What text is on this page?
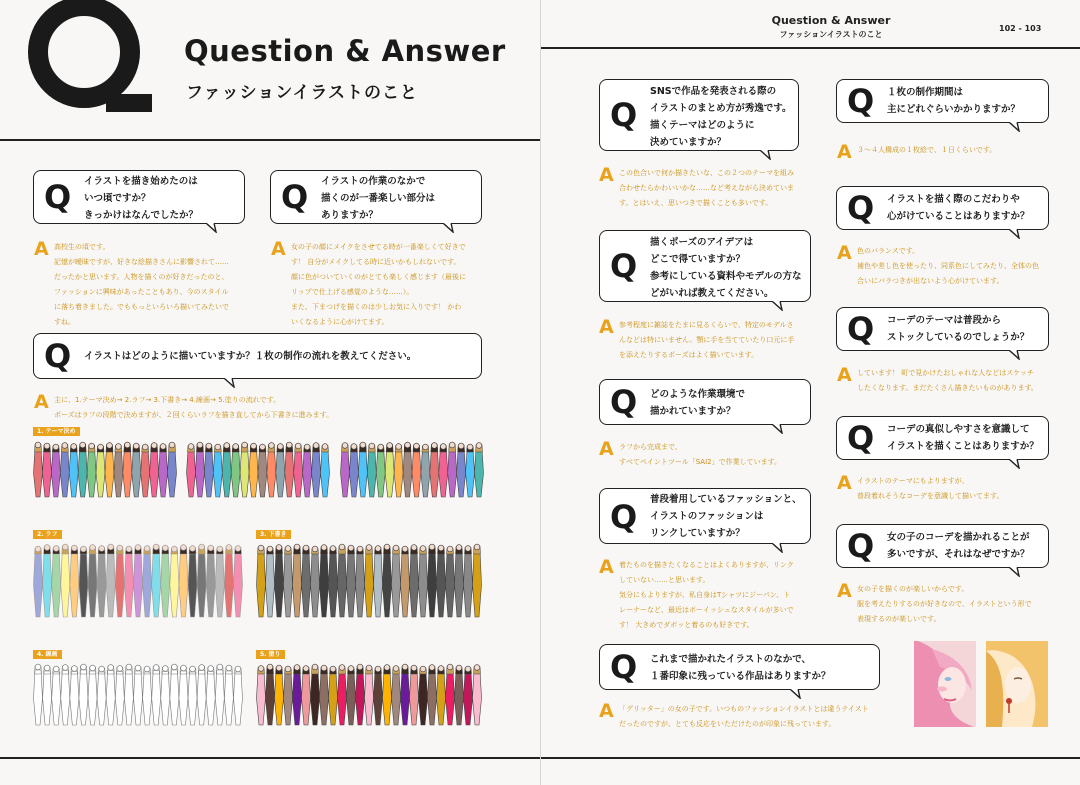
Question & Answer
ファッションイラストのこと
Q イラストを描き始めたのは
いつ頃ですか？
きっかけはなんでしたか？
A 高校生の頃です。
記憶が曖昧ですが、好きな絵描きさんに影響されて……
だったかと思います。人物を描くのが好きだったのと、
ファッションに興味があったこともあり、今のスタイル
に落ち着きました。でももっといろいろ描いてみたいで
すね。
Q イラストの作業のなかで
描くのが一番楽しい部分は
ありますか？
A 女の子の顔にメイクをさせてる時が一番楽しくて好きで
す！ 自分がメイクしてる時に近いかもしれないです。
顔に色がついていくのがとても楽しく感じます（最後に
リップで仕上げる感覚のような……）。
また、下まつげを描くのは少しお気に入りです！ かわ
いくなるように心がけてます。
Q イラストはどのように描いていますか？１枚の制作の流れを教えてください。
A 主に、1.テーマ決め→ 2.ラフ→ 3.下書き→ 4.線画→ 5.塗りの流れです。
ポーズはラフの段階で決めますが、２回くらいラフを描き直してから下書きに進みます。
1. テーマ決め
2. ラフ	3. 下書き
4. 線画	5. 塗り
Question & Answer
ファッションイラストのこと
102 - 103
Q
SNSで作品を発表される際の
イラストのまとめ方が秀逸です。
描くテーマはどのように
決めていますか？
A この色合いで何か描きたいな、この２つのテーマを組み
合わせたらかわいいかな……など考えながら決めていま
す。とはいえ、思いつきで描くことも多いです。
Q
描くポーズのアイデアは
どこで得ていますか？
参考にしている資料やモデルの方な
どがいれば教えてください。
A 参考程度に雑誌をたまに見るくらいで、特定のモデルさ
んなどは特にいません。顎に手を当てていたり口元に手
を添えたりするポーズはよく描いています。
Q どのような作業環境で
描かれていますか？
A ラフから完成まで、
すべてペイントツール「SAI2」で作業しています。
Q 普段着用しているファッションと、
イラストのファッションは
リンクしていますか？
A 着たものを描きたくなることはよくありますが、リンク
していない……と思います。
気分にもよりますが、私自身はTシャツにジーパン、ト
レーナーなど、最近はボーイッシュなスタイルが多いで
す！ 大きめでダボッと着るのも好きです。
Q これまで描かれたイラストのなかで、
１番印象に残っている作品はありますか？
A 「グリッター」の女の子です。いつものファッションイラストとは違うテイスト
だったのですが、とても反応をいただけたのが印象に残っています。
Q １枚の制作期間は
主にどれぐらいかかりますか？
A ３〜４人構成の１枚絵で、１日くらいです。
Q イラストを描く際のこだわりや
心がけていることはありますか？
A 色のバランスです。
補色や差し色を使ったり、同系色にしてみたり、全体の色
合いにバラつきが出ないよう心がけています。
Q コーデのテーマは普段から
ストックしているのでしょうか？
A しています！ 町で見かけたおしゃれな人などはスケッチ
したくなります。まだたくさん描きたいものがあります。
Q コーデの真似しやすさを意識して
イラストを描くことはありますか？
A イラストのテーマにもよりますが、
普段着れそうなコーデを意識して描いてます。
Q 女の子のコーデを描かれることが
多いですが、それはなぜですか？
A 女の子を描くのが楽しいからです。
服を考えたりするのが好きなので、イラストという形で
表現するのが楽しいです。
